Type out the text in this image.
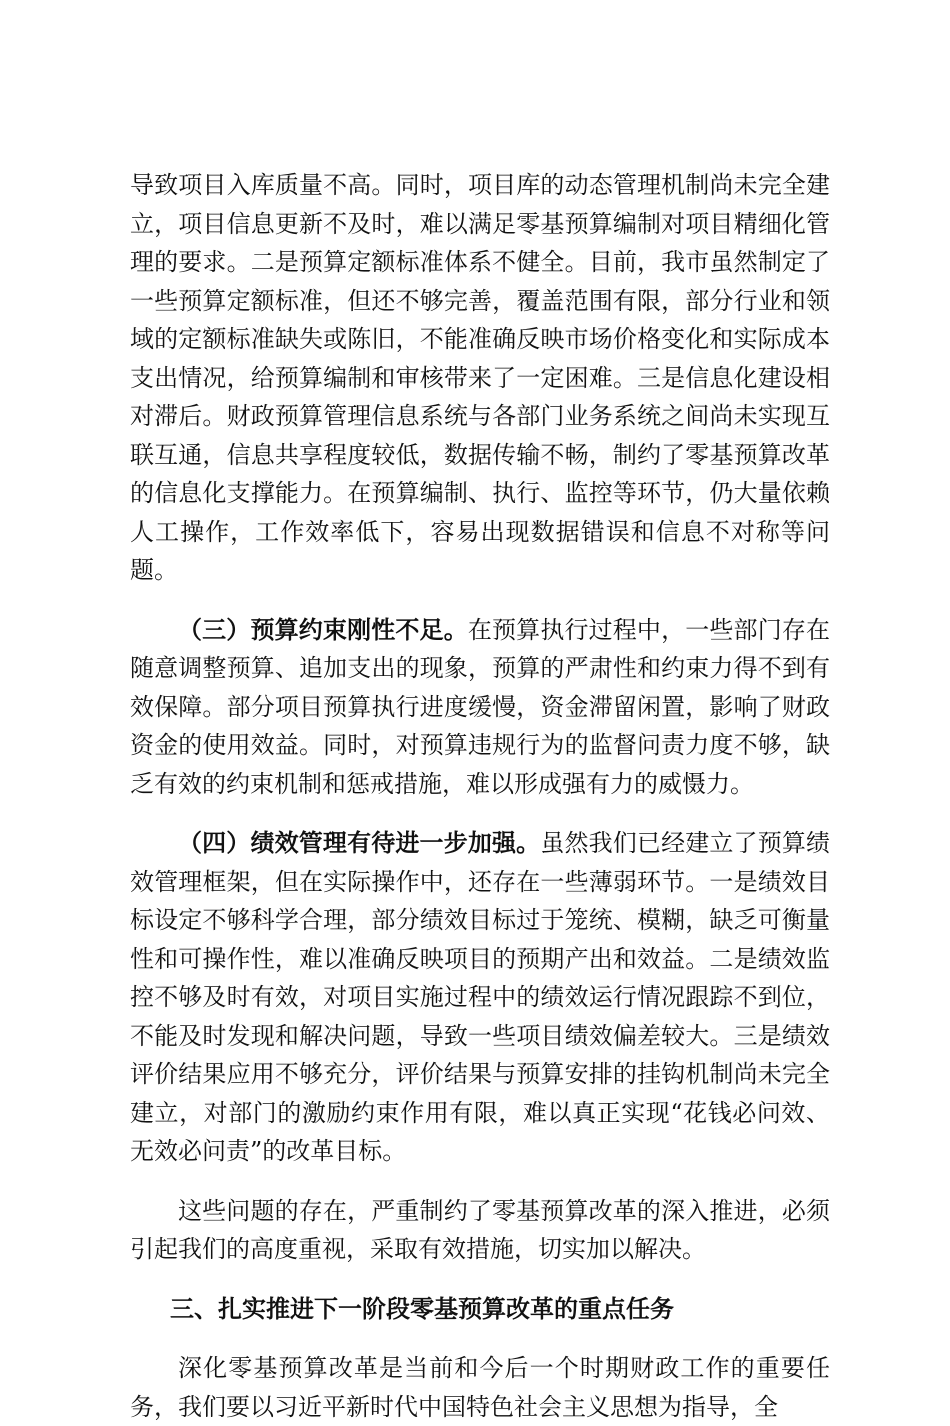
导致项目入库质量不高。同时，项目库的动态管理机制尚未完全建立，项目信息更新不及时，难以满足零基预算编制对项目精细化管理的要求。二是预算定额标准体系不健全。目前，我市虽然制定了一些预算定额标准，但还不够完善，覆盖范围有限，部分行业和领域的定额标准缺失或陈旧，不能准确反映市场价格变化和实际成本支出情况，给预算编制和审核带来了一定困难。三是信息化建设相对滞后。财政预算管理信息系统与各部门业务系统之间尚未实现互联互通，信息共享程度较低，数据传输不畅，制约了零基预算改革的信息化支撑能力。在预算编制、执行、监控等环节，仍大量依赖人工操作，工作效率低下，容易出现数据错误和信息不对称等问题。

（三）预算约束刚性不足。在预算执行过程中，一些部门存在随意调整预算、追加支出的现象，预算的严肃性和约束力得不到有效保障。部分项目预算执行进度缓慢，资金滞留闲置，影响了财政资金的使用效益。同时，对预算违规行为的监督问责力度不够，缺乏有效的约束机制和惩戒措施，难以形成强有力的威慑力。

（四）绩效管理有待进一步加强。虽然我们已经建立了预算绩效管理框架，但在实际操作中，还存在一些薄弱环节。一是绩效目标设定不够科学合理，部分绩效目标过于笼统、模糊，缺乏可衡量性和可操作性，难以准确反映项目的预期产出和效益。二是绩效监控不够及时有效，对项目实施过程中的绩效运行情况跟踪不到位，不能及时发现和解决问题，导致一些项目绩效偏差较大。三是绩效评价结果应用不够充分，评价结果与预算安排的挂钩机制尚未完全建立，对部门的激励约束作用有限，难以真正实现“花钱必问效、无效必问责”的改革目标。

这些问题的存在，严重制约了零基预算改革的深入推进，必须引起我们的高度重视，采取有效措施，切实加以解决。

三、扎实推进下一阶段零基预算改革的重点任务

深化零基预算改革是当前和今后一个时期财政工作的重要任务，我们要以习近平新时代中国特色社会主义思想为指导，全
